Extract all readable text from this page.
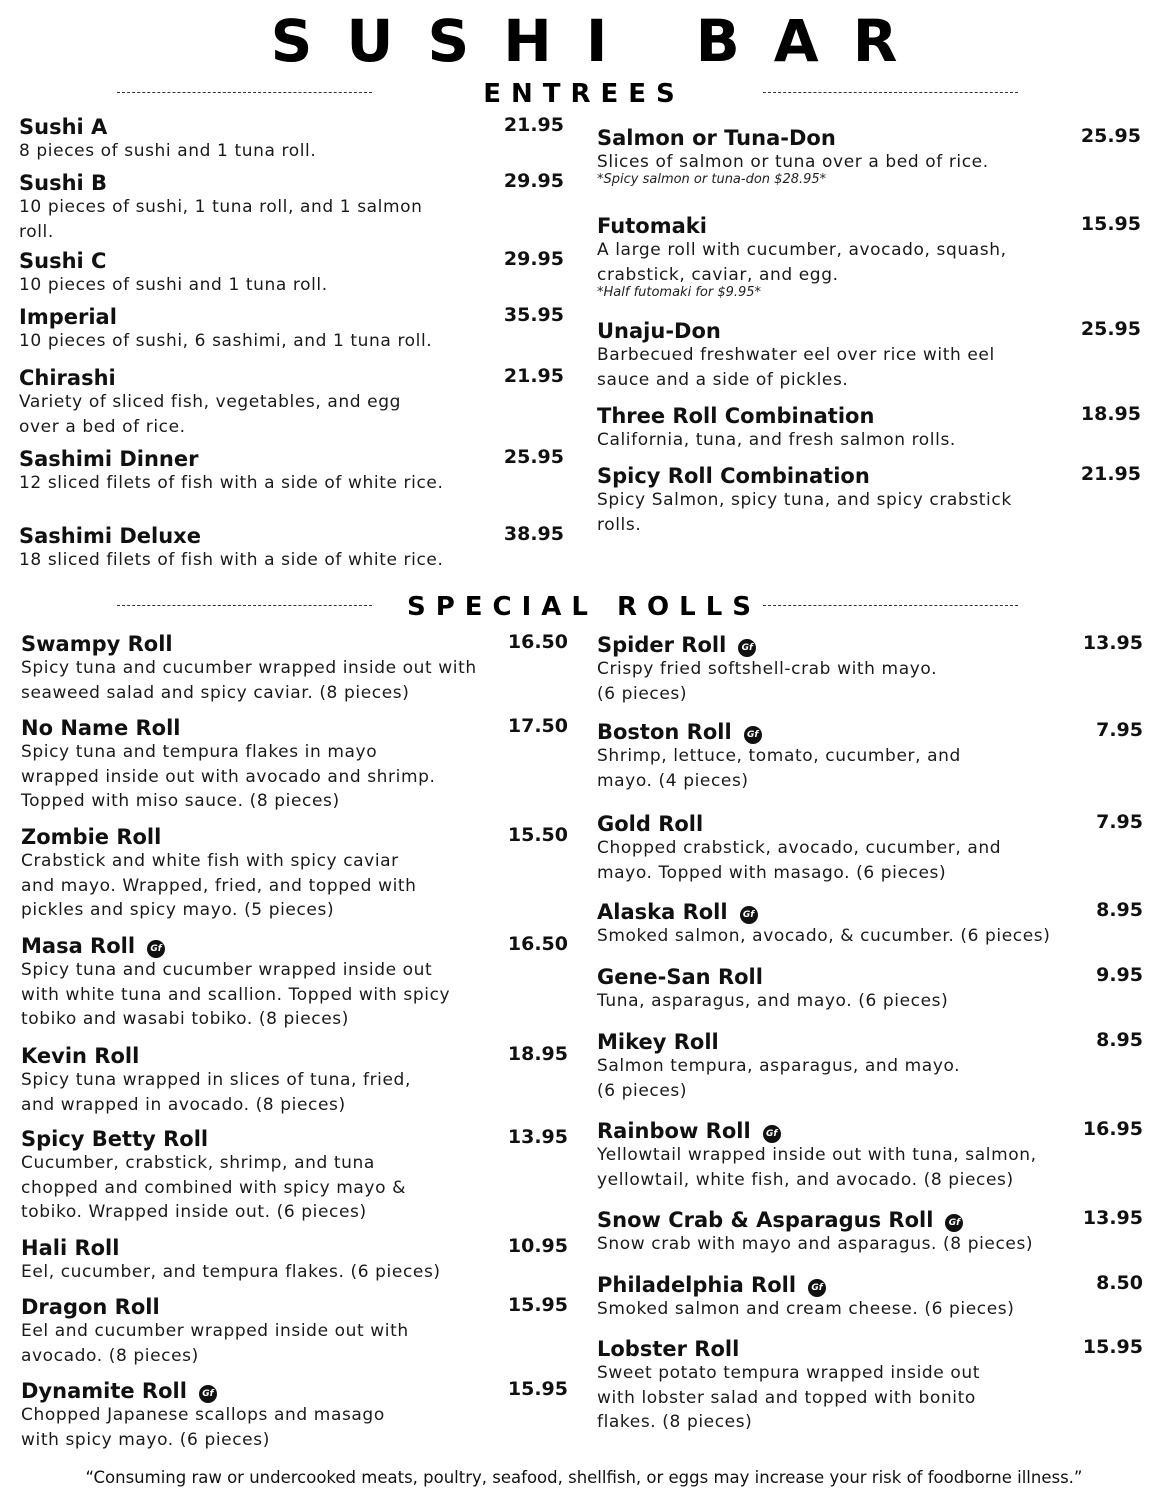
SUSHI BAR
ENTREES
Sushi A	21.95
8 pieces of sushi and 1 tuna roll.
Sushi B	29.95
10 pieces of sushi, 1 tuna roll, and 1 salmon
roll.
Sushi C	29.95
10 pieces of sushi and 1 tuna roll.
Imperial	35.95
10 pieces of sushi, 6 sashimi, and 1 tuna roll.
Chirashi	21.95
Variety of sliced fish, vegetables, and egg
over a bed of rice.
Sashimi Dinner	25.95
12 sliced filets of fish with a side of white rice.
Sashimi Deluxe	38.95
18 sliced filets of fish with a side of white rice.
Salmon or Tuna-Don	25.95
Slices of salmon or tuna over a bed of rice.
*Spicy salmon or tuna-don $28.95*
Futomaki	15.95
A large roll with cucumber, avocado, squash,
crabstick, caviar, and egg.
*Half futomaki for $9.95*
Unaju-Don	25.95
Barbecued freshwater eel over rice with eel
sauce and a side of pickles.
Three Roll Combination	18.95
California, tuna, and fresh salmon rolls.
Spicy Roll Combination	21.95
Spicy Salmon, spicy tuna, and spicy crabstick
rolls.
SPECIAL ROLLS
Swampy Roll	16.50
Spicy tuna and cucumber wrapped inside out with
seaweed salad and spicy caviar. (8 pieces)
No Name Roll	17.50
Spicy tuna and tempura flakes in mayo
wrapped inside out with avocado and shrimp.
Topped with miso sauce. (8 pieces)
Zombie Roll	15.50
Crabstick and white fish with spicy caviar
and mayo. Wrapped, fried, and topped with
pickles and spicy mayo. (5 pieces)
Masa Roll Gf	16.50
Spicy tuna and cucumber wrapped inside out
with white tuna and scallion. Topped with spicy
tobiko and wasabi tobiko. (8 pieces)
Kevin Roll	18.95
Spicy tuna wrapped in slices of tuna, fried,
and wrapped in avocado. (8 pieces)
Spicy Betty Roll	13.95
Cucumber, crabstick, shrimp, and tuna
chopped and combined with spicy mayo &
tobiko. Wrapped inside out. (6 pieces)
Hali Roll	10.95
Eel, cucumber, and tempura flakes. (6 pieces)
Dragon Roll	15.95
Eel and cucumber wrapped inside out with
avocado. (8 pieces)
Dynamite Roll Gf	15.95
Chopped Japanese scallops and masago
with spicy mayo. (6 pieces)
Spider Roll Gf	13.95
Crispy fried softshell-crab with mayo.
(6 pieces)
Boston Roll Gf	7.95
Shrimp, lettuce, tomato, cucumber, and
mayo. (4 pieces)
Gold Roll	7.95
Chopped crabstick, avocado, cucumber, and
mayo. Topped with masago. (6 pieces)
Alaska Roll Gf	8.95
Smoked salmon, avocado, & cucumber. (6 pieces)
Gene-San Roll	9.95
Tuna, asparagus, and mayo. (6 pieces)
Mikey Roll	8.95
Salmon tempura, asparagus, and mayo.
(6 pieces)
Rainbow Roll Gf	16.95
Yellowtail wrapped inside out with tuna, salmon,
yellowtail, white fish, and avocado. (8 pieces)
Snow Crab & Asparagus Roll Gf	13.95
Snow crab with mayo and asparagus. (8 pieces)
Philadelphia Roll Gf	8.50
Smoked salmon and cream cheese. (6 pieces)
Lobster Roll	15.95
Sweet potato tempura wrapped inside out
with lobster salad and topped with bonito
flakes. (8 pieces)
“Consuming raw or undercooked meats, poultry, seafood, shellfish, or eggs may increase your risk of foodborne illness.”
